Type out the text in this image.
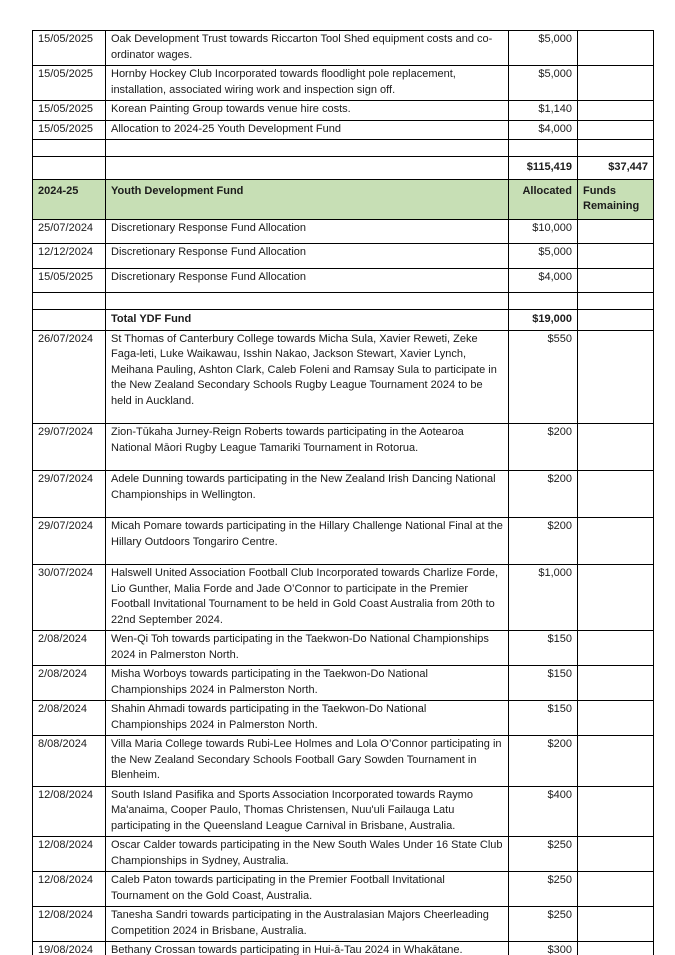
15/05/2025	Oak Development Trust towards Riccarton Tool Shed equipment costs and co-ordinator wages.	$5,000	
15/05/2025	Hornby Hockey Club Incorporated towards floodlight pole replacement, installation, associated wiring work and inspection sign off.	$5,000	
15/05/2025	Korean Painting Group towards venue hire costs.	$1,140	
15/05/2025	Allocation to 2024-25 Youth Development Fund	$4,000	

		$115,419	$37,447
2024-25	Youth Development Fund	Allocated	Funds Remaining
25/07/2024	Discretionary Response Fund Allocation	$10,000	
12/12/2024	Discretionary Response Fund Allocation	$5,000	
15/05/2025	Discretionary Response Fund Allocation	$4,000	

	Total YDF Fund	$19,000	
26/07/2024	St Thomas of Canterbury College towards Micha Sula, Xavier Reweti, Zeke Faga-leti, Luke Waikawau, Isshin Nakao, Jackson Stewart, Xavier Lynch, Meihana Pauling, Ashton Clark, Caleb Foleni and Ramsay Sula to participate in the New Zealand Secondary Schools Rugby League Tournament 2024 to be held in Auckland.	$550	
29/07/2024	Zion-Tūkaha Jurney-Reign Roberts towards participating in the Aotearoa National Māori Rugby League Tamariki Tournament in Rotorua.	$200	
29/07/2024	Adele Dunning towards participating in the New Zealand Irish Dancing National Championships in Wellington.	$200	
29/07/2024	Micah Pomare towards participating in the Hillary Challenge National Final at the Hillary Outdoors Tongariro Centre.	$200	
30/07/2024	Halswell United Association Football Club Incorporated towards Charlize Forde, Lio Gunther, Malia Forde and Jade O’Connor to participate in the Premier Football Invitational Tournament to be held in Gold Coast Australia from 20th to 22nd September 2024.	$1,000	
2/08/2024	Wen-Qi Toh towards participating in the Taekwon-Do National Championships 2024 in Palmerston North.	$150	
2/08/2024	Misha Worboys towards participating in the Taekwon-Do National Championships 2024 in Palmerston North.	$150	
2/08/2024	Shahin Ahmadi towards participating in the Taekwon-Do National Championships 2024 in Palmerston North.	$150	
8/08/2024	Villa Maria College towards Rubi-Lee Holmes and Lola O’Connor participating in the New Zealand Secondary Schools Football Gary Sowden Tournament in Blenheim.	$200	
12/08/2024	South Island Pasifika and Sports Association Incorporated towards Raymo Ma'anaima, Cooper Paulo, Thomas Christensen, Nuu'uli Failauga Latu participating in the Queensland League Carnival in Brisbane, Australia.	$400	
12/08/2024	Oscar Calder towards participating in the New South Wales Under 16 State Club Championships in Sydney, Australia.	$250	
12/08/2024	Caleb Paton towards participating in the Premier Football Invitational Tournament on the Gold Coast, Australia.	$250	
12/08/2024	Tanesha Sandri towards participating in the Australasian Majors Cheerleading Competition 2024 in Brisbane, Australia.	$250	
19/08/2024	Bethany Crossan towards participating in Hui-ā-Tau 2024 in Whakātane.	$300	
